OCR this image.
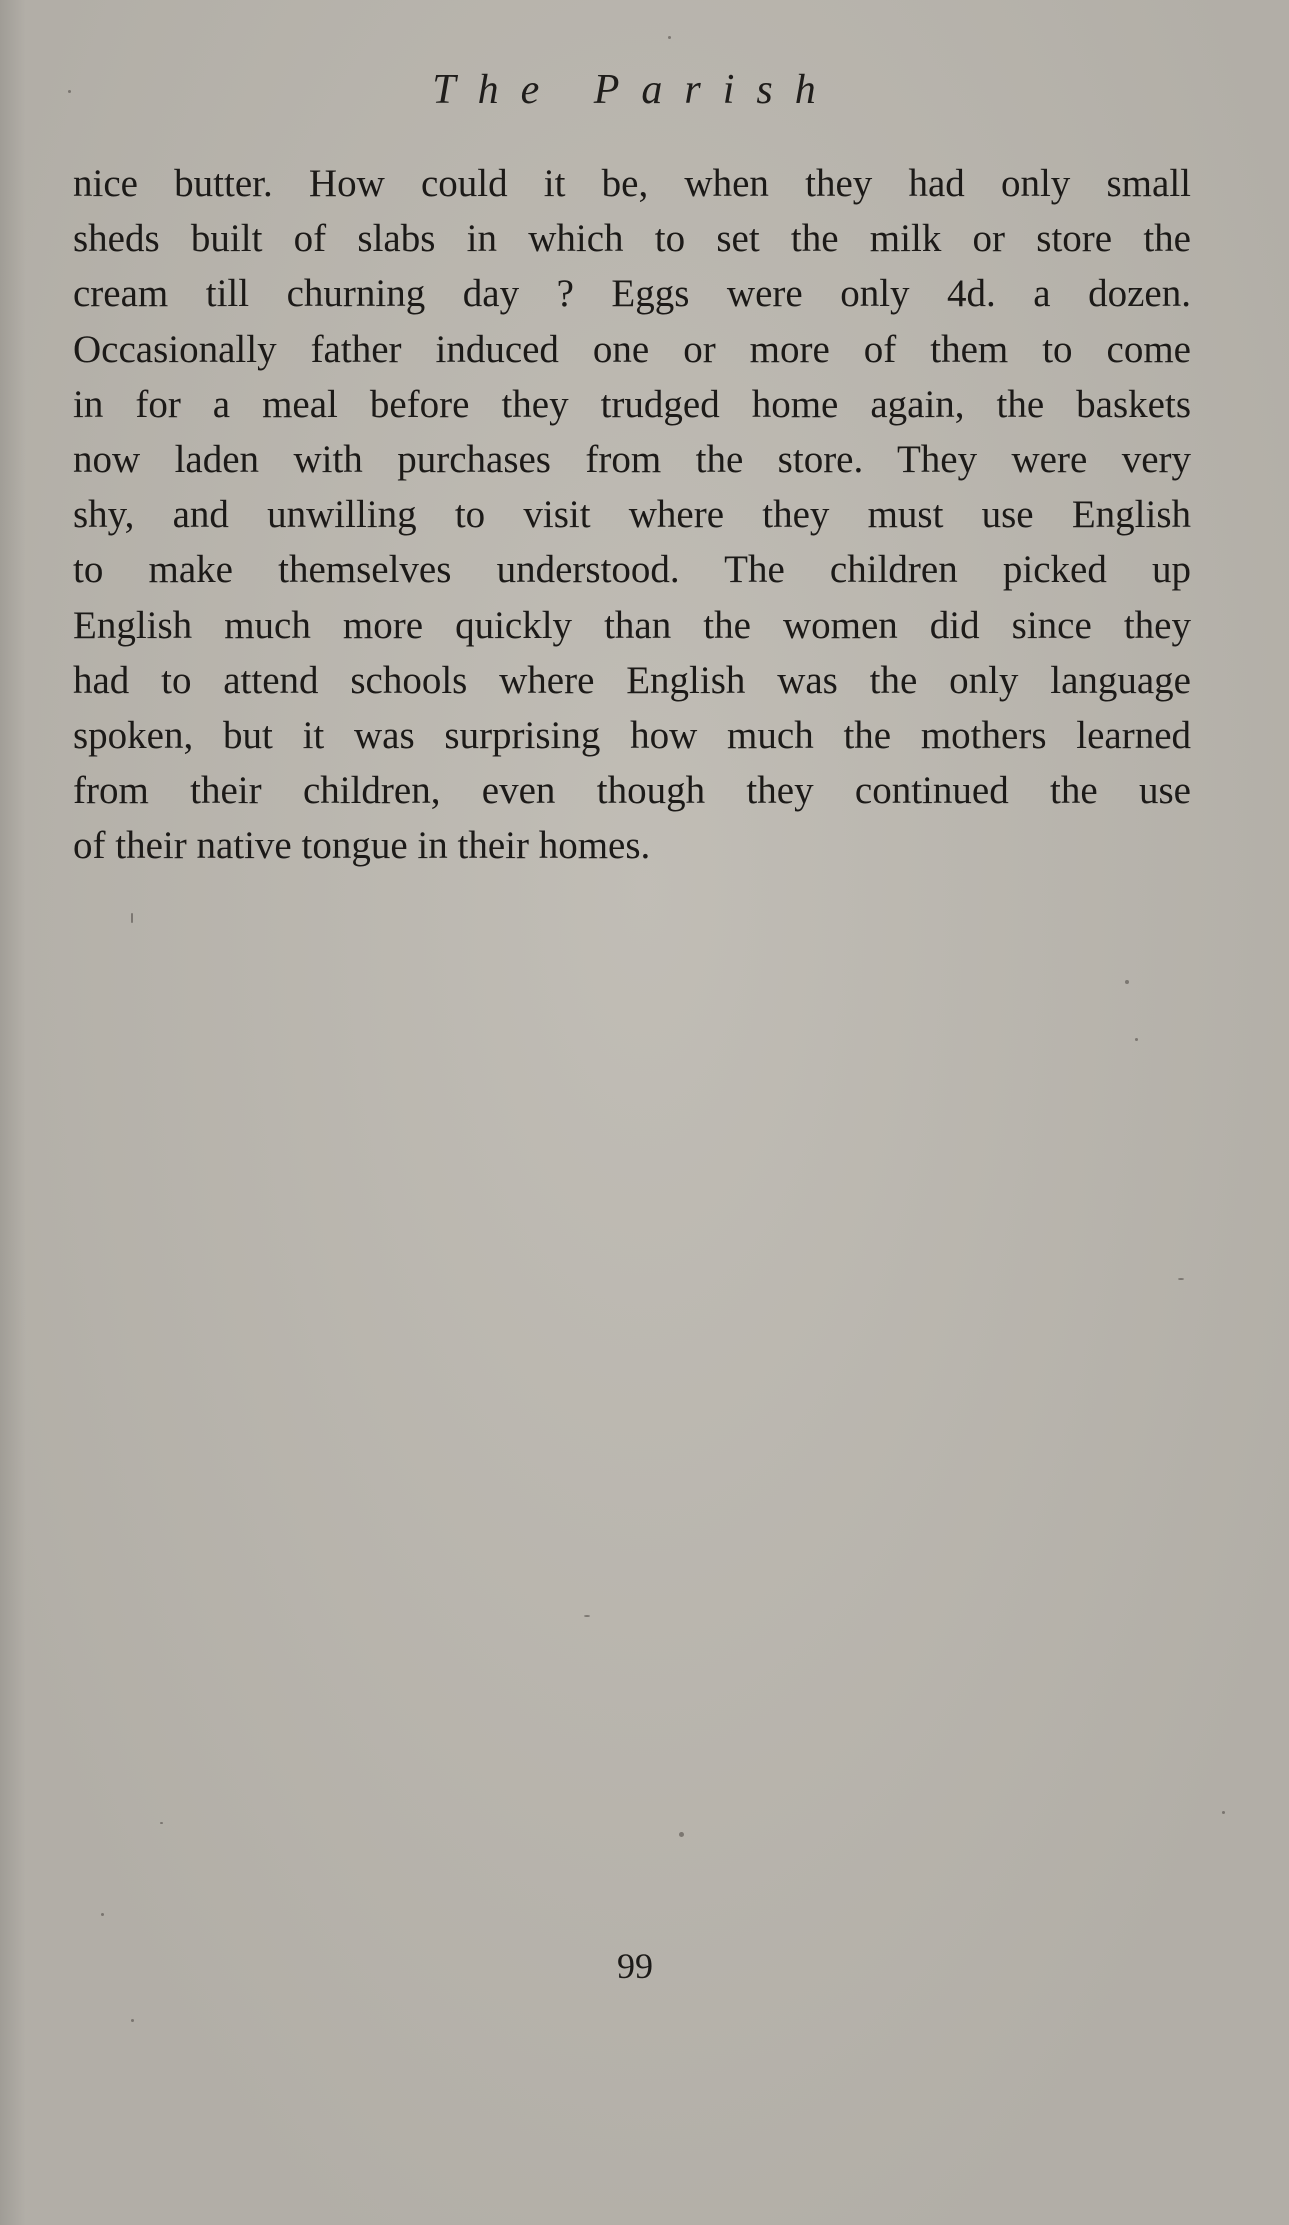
The Parish
nice butter. How could it be, when they had only small
sheds built of slabs in which to set the milk or store the
cream till churning day ? Eggs were only 4d. a dozen.
Occasionally father induced one or more of them to come
in for a meal before they trudged home again, the baskets
now laden with purchases from the store. They were very
shy, and unwilling to visit where they must use English
to make themselves understood. The children picked up
English much more quickly than the women did since they
had to attend schools where English was the only language
spoken, but it was surprising how much the mothers learned
from their children, even though they continued the use
of their native tongue in their homes.
99
